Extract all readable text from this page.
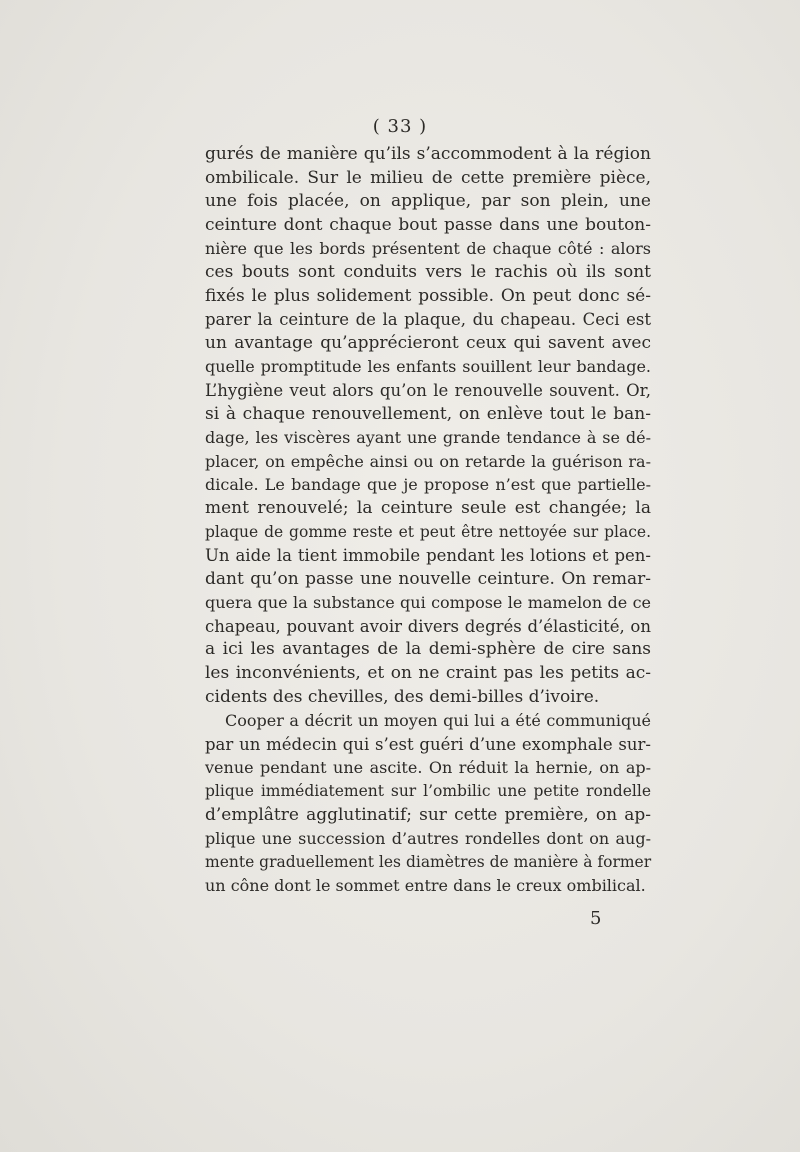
( 33 )
gurés de manière qu’ils s’accommodent à la région
ombilicale. Sur le milieu de cette première pièce,
une fois placée, on applique, par son plein, une
ceinture dont chaque bout passe dans une bouton-
nière que les bords présentent de chaque côté : alors
ces bouts sont conduits vers le rachis où ils sont
fixés le plus solidement possible. On peut donc sé-
parer la ceinture de la plaque, du chapeau. Ceci est
un avantage qu’apprécieront ceux qui savent avec
quelle promptitude les enfants souillent leur bandage.
L’hygiène veut alors qu’on le renouvelle souvent. Or,
si à chaque renouvellement, on enlève tout le ban-
dage, les viscères ayant une grande tendance à se dé-
placer, on empêche ainsi ou on retarde la guérison ra-
dicale. Le bandage que je propose n’est que partielle-
ment renouvelé; la ceinture seule est changée; la
plaque de gomme reste et peut être nettoyée sur place.
Un aide la tient immobile pendant les lotions et pen-
dant qu’on passe une nouvelle ceinture. On remar-
quera que la substance qui compose le mamelon de ce
chapeau, pouvant avoir divers degrés d’élasticité, on
a ici les avantages de la demi-sphère de cire sans
les inconvénients, et on ne craint pas les petits ac-
cidents des chevilles, des demi-billes d’ivoire.
Cooper a décrit un moyen qui lui a été communiqué
par un médecin qui s’est guéri d’une exomphale sur-
venue pendant une ascite. On réduit la hernie, on ap-
plique immédiatement sur l’ombilic une petite rondelle
d’emplâtre agglutinatif; sur cette première, on ap-
plique une succession d’autres rondelles dont on aug-
mente graduellement les diamètres de manière à former
un cône dont le sommet entre dans le creux ombilical.
5
